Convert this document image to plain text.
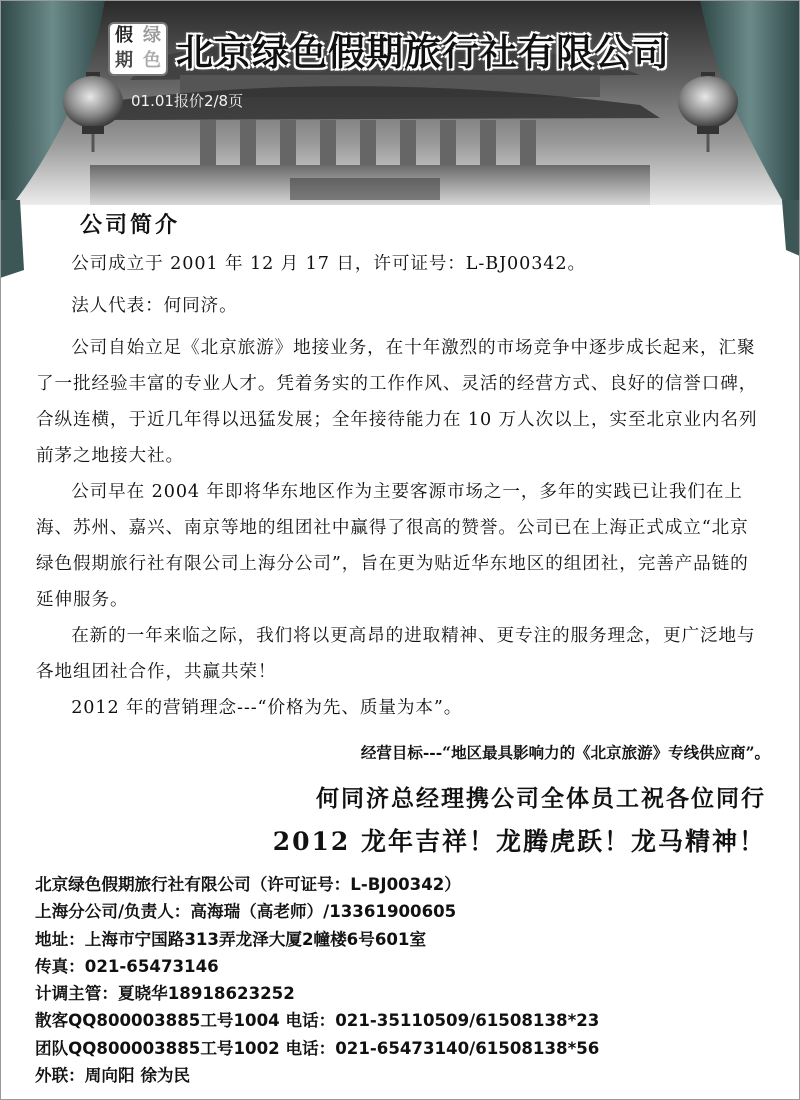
假 绿
期 色 北京绿色假期旅行社有限公司
01.01报价2/8页
公司简介

公司成立于 2001 年 12 月 17 日，许可证号：L-BJ00342。

法人代表：何同济。

公司自始立足《北京旅游》地接业务，在十年激烈的市场竞争中逐步成长起来，汇聚了一批经验丰富的专业人才。凭着务实的工作作风、灵活的经营方式、良好的信誉口碑，合纵连横，于近几年得以迅猛发展；全年接待能力在 10 万人次以上，实至北京业内名列前茅之地接大社。

公司早在 2004 年即将华东地区作为主要客源市场之一，多年的实践已让我们在上海、苏州、嘉兴、南京等地的组团社中赢得了很高的赞誉。公司已在上海正式成立“北京绿色假期旅行社有限公司上海分公司”，旨在更为贴近华东地区的组团社，完善产品链的延伸服务。

在新的一年来临之际，我们将以更高昂的进取精神、更专注的服务理念，更广泛地与各地组团社合作，共赢共荣！

2012 年的营销理念---“价格为先、质量为本”。

经营目标---“地区最具影响力的《北京旅游》专线供应商”。
何同济总经理携公司全体员工祝各位同行
2012 龙年吉祥！龙腾虎跃！龙马精神！
北京绿色假期旅行社有限公司（许可证号：L-BJ00342）
上海分公司/负责人：高海瑞（高老师）/13361900605
地址：上海市宁国路313弄龙泽大厦2幢楼6号601室
传真：021-65473146
计调主管：夏晓华18918623252
散客QQ800003885工号1004 电话：021-35110509/61508138*23
团队QQ800003885工号1002 电话：021-65473140/61508138*56
外联：周向阳 徐为民
